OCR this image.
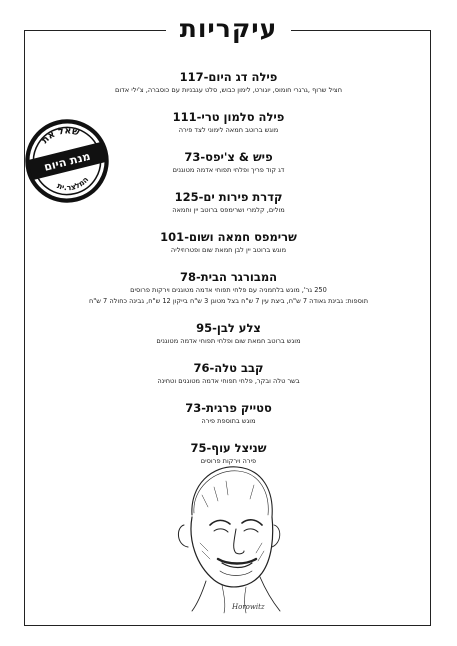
עיקריות

פילה דג היום-117

חציל שרוף ,גרגרי חומוס, יוגורט, לימון כבוש, סלט עגבניות עם כוסברה, צ'ילי אדום

פילה סלמון טרי-111

מוגש ברוטב חמאה לימוני לצד פירה

פיש & צ'יפס-73

דג קוד פריך ופלחי תפוחי אדמה מטוגנים

קדרת פירות ים-125

מולים, קלמרי ושרימפס ברוטב יין וחמאה

שרימפס חמאה ושום-101

מוגש ברוטב יין לבן חמאת שום ופטרוזיליה

המבורגר הבית-78

250 גר', מוגש בלחמניה עם פלחי תפוחי אדמה מטוגנים וירקות פרוסים

תוספות: גבינת גאודה 7 ש"ח, ביצת עין 7 ש"ח בצל מטוגן 3 ש"ח בייקון 12 ש"ח, גבינה כחולה 7 ש"ח

צלע לבן-95

מוגש ברוטב חמאת שום ופלחי תפוחי אדמה מטוגנים

קבב טלה-76

בשר טלה ובקר, פלחי תפוחי אדמה מטוגנים וטחינה

סטייק פרגית-73

מוגש בתוספת פירה

שניצל עוף-75

פירה וירקות פרוסים

שאל את
מנת היום
המלצר.ית
Horowitz
